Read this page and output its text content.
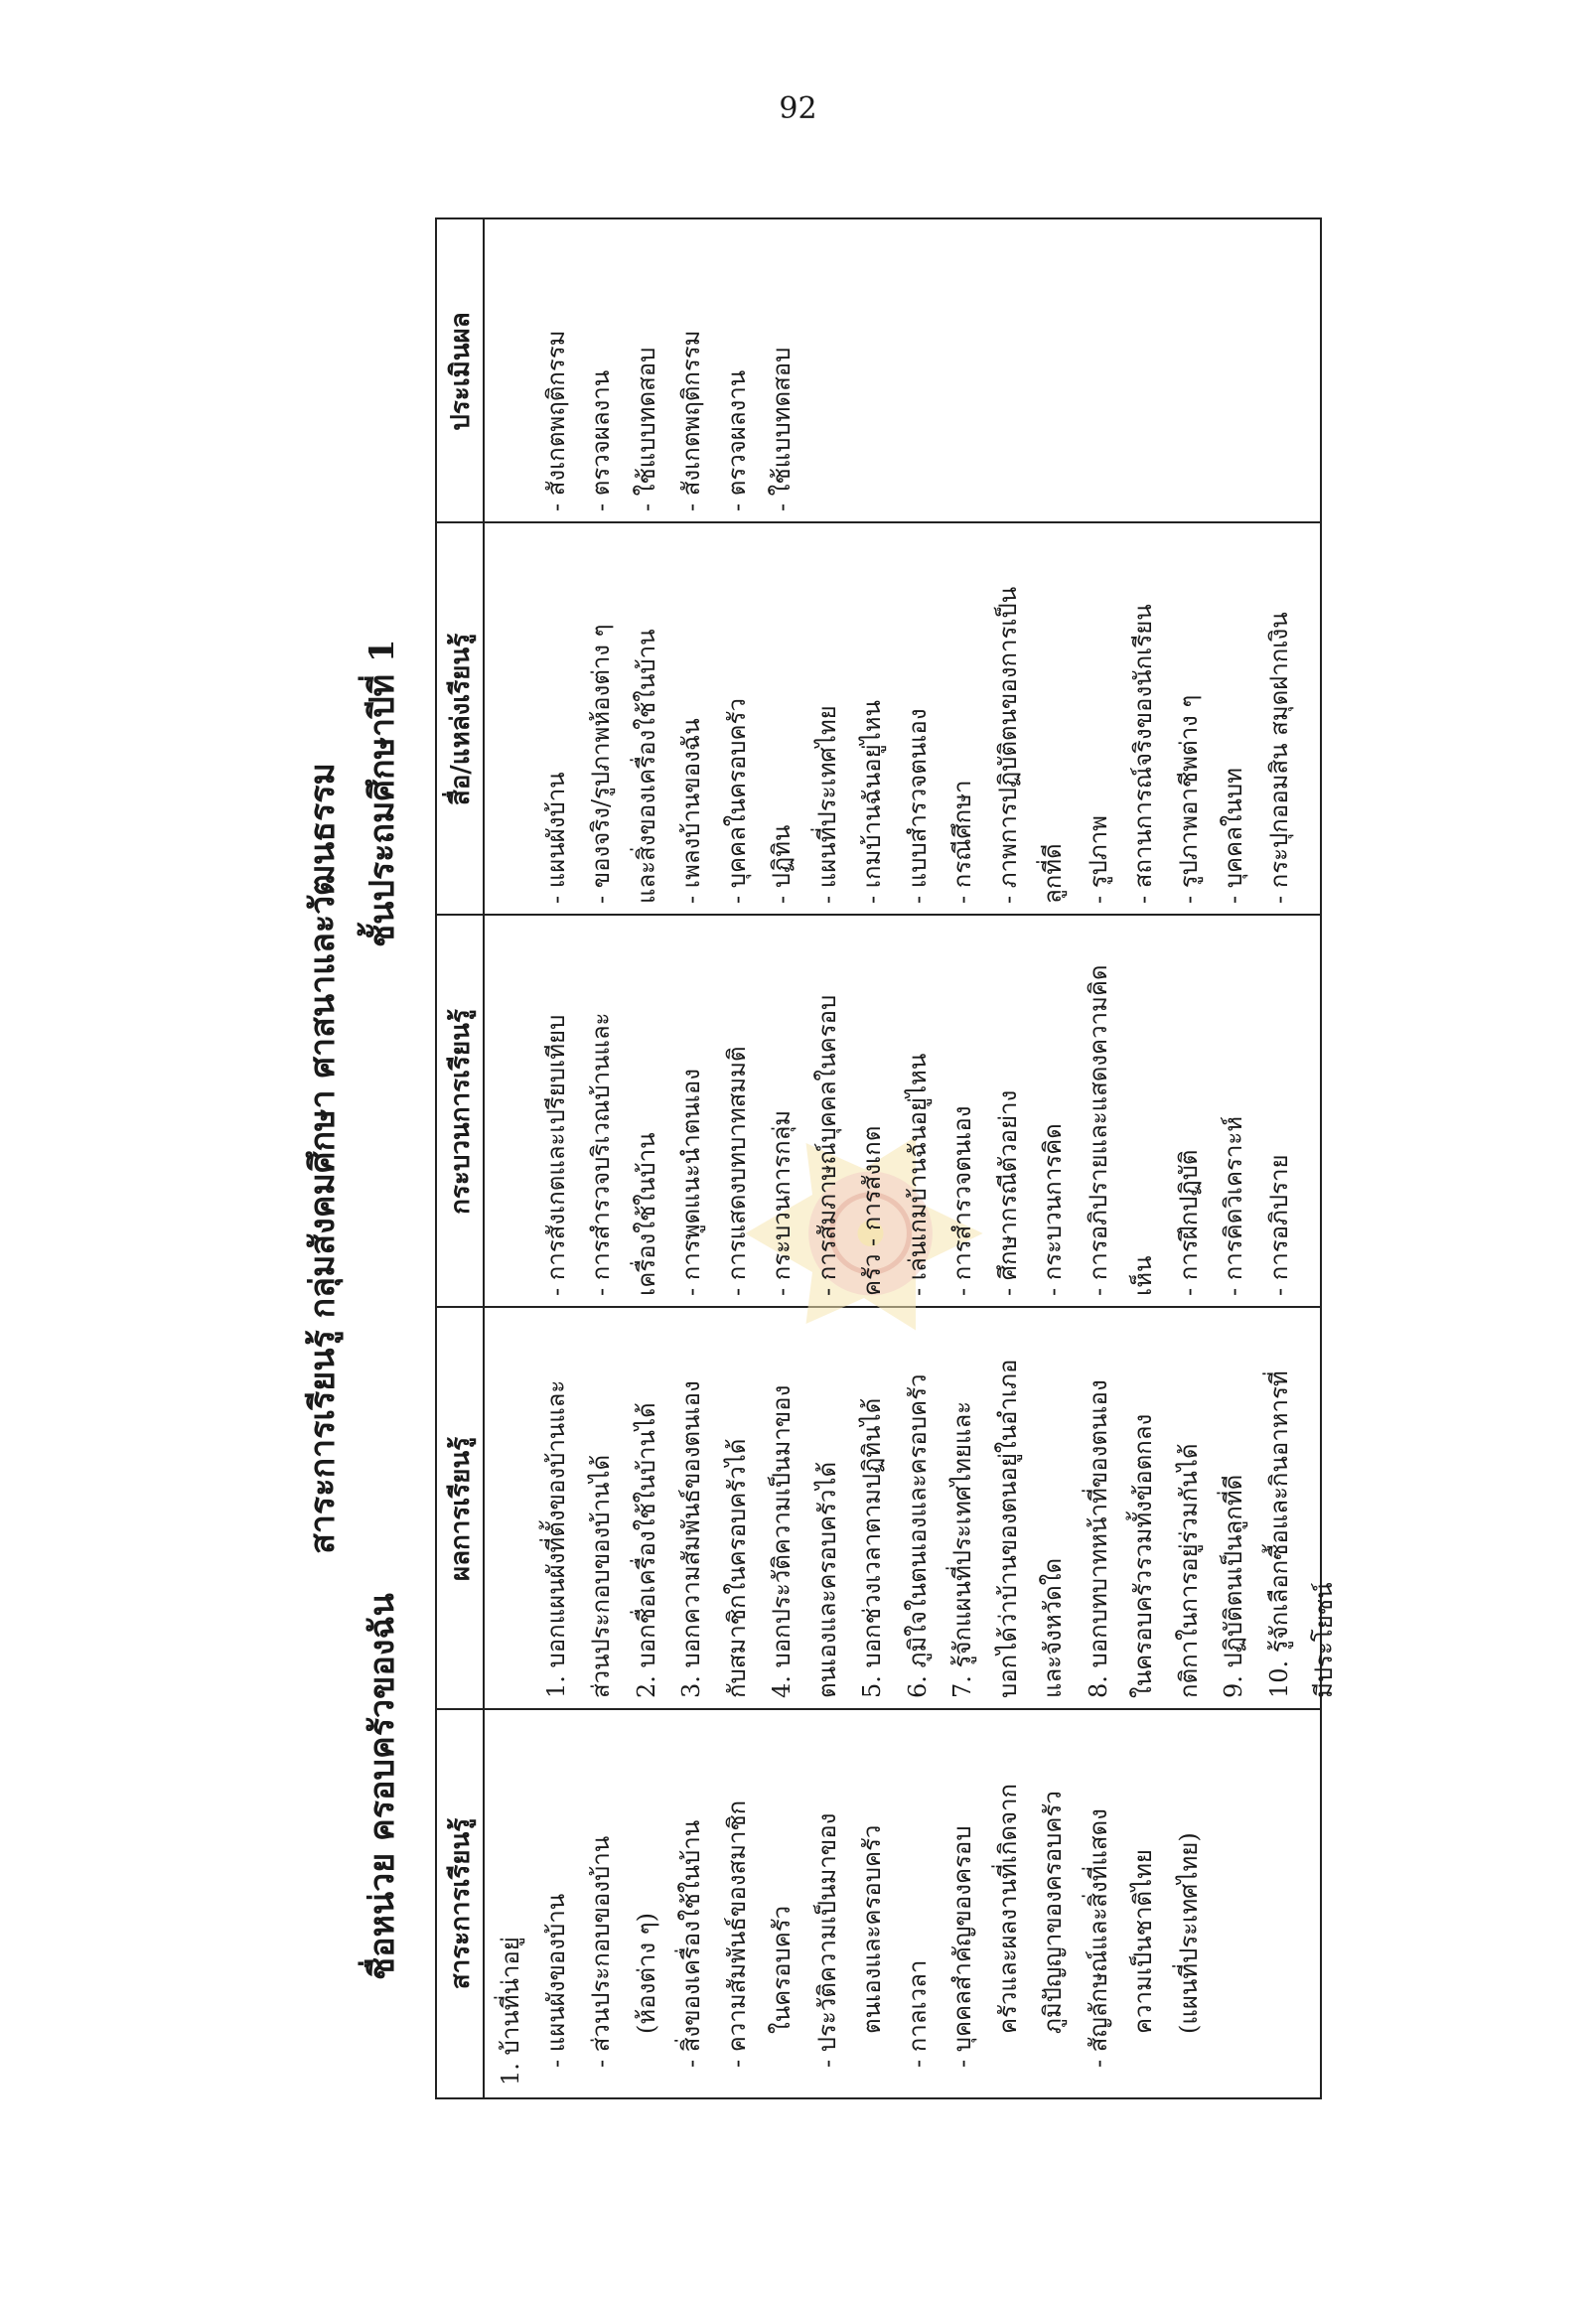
92
สาระการเรียนรู้ กลุ่มสังคมศึกษา ศาสนาและวัฒนธรรม
ชื่อหน่วย ครอบครัวของฉัน
ชั้นประถมศึกษาปีที่ 1
สาระการเรียนรู้
ผลการเรียนรู้
กระบวนการเรียนรู้
สื่อ/แหล่งเรียนรู้
ประเมินผล
1. บ้านที่น่าอยู่ - แผนผังของบ้าน - ส่วนประกอบของบ้าน (ห้องต่าง ๆ) - สิ่งของเครื่องใช้ในบ้าน - ความสัมพันธ์ของสมาชิก ในครอบครัว - ประวัติความเป็นมาของ ตนเองและครอบครัว - กาลเวลา - บุคคลสำคัญของครอบ ครัวและผลงานที่เกิดจาก ภูมิปัญญาของครอบครัว - สัญลักษณ์และสิ่งที่แสดง ความเป็นชาติไทย (แผนที่ประเทศไทย)
1. บอกแผนผังที่ตั้งของบ้านและ ส่วนประกอบของบ้านได้ 2. บอกชื่อเครื่องใช้ในบ้านได้ 3. บอกความสัมพันธ์ของตนเอง กับสมาชิกในครอบครัวได้ 4. บอกประวัติความเป็นมาของ ตนเองและครอบครัวได้ 5. บอกช่วงเวลาตามปฏิทินได้ 6. ภูมิใจในตนเองและครอบครัว 7. รู้จักแผนที่ประเทศไทยและ บอกได้ว่าบ้านของตนอยู่ในอำเภอ และจังหวัดใด 8. บอกบทบาทหน้าที่ของตนเอง ในครอบครัวรวมทั้งข้อตกลง กติกาในการอยู่ร่วมกันได้ 9. ปฏิบัติตนเป็นลูกที่ดี 10. รู้จักเลือกซื้อและกินอาหารที่ มีประโยชน์
- การสังเกตและเปรียบเทียบ - การสำรวจบริเวณบ้านและ เครื่องใช้ในบ้าน - การพูดแนะนำตนเอง - การแสดงบทบาทสมมติ - กระบวนการกลุ่ม - การสัมภาษณ์บุคคลในครอบ ครัว - การสังเกต - เล่นเกมบ้านฉันอยู่ไหน - การสำรวจตนเอง - ศึกษากรณีตัวอย่าง - กระบวนการคิด - การอภิปรายและแสดงความคิด เห็น - การฝึกปฏิบัติ - การคิดวิเคราะห์ - การอภิปราย
- แผนผังบ้าน - ของจริง/รูปภาพห้องต่าง ๆ และสิ่งของเครื่องใช้ในบ้าน - เพลงบ้านของฉัน - บุคคลในครอบครัว - ปฏิทิน - แผนที่ประเทศไทย - เกมบ้านฉันอยู่ไหน - แบบสำรวจตนเอง - กรณีศึกษา - ภาพการปฏิบัติตนของการเป็น ลูกที่ดี - รูปภาพ - สถานการณ์จริงของนักเรียน - รูปภาพอาชีพต่าง ๆ - บุคคลในบท - กระปุกออมสิน สมุดฝากเงิน
- สังเกตพฤติกรรม - ตรวจผลงาน - ใช้แบบทดสอบ - สังเกตพฤติกรรม - ตรวจผลงาน - ใช้แบบทดสอบ
